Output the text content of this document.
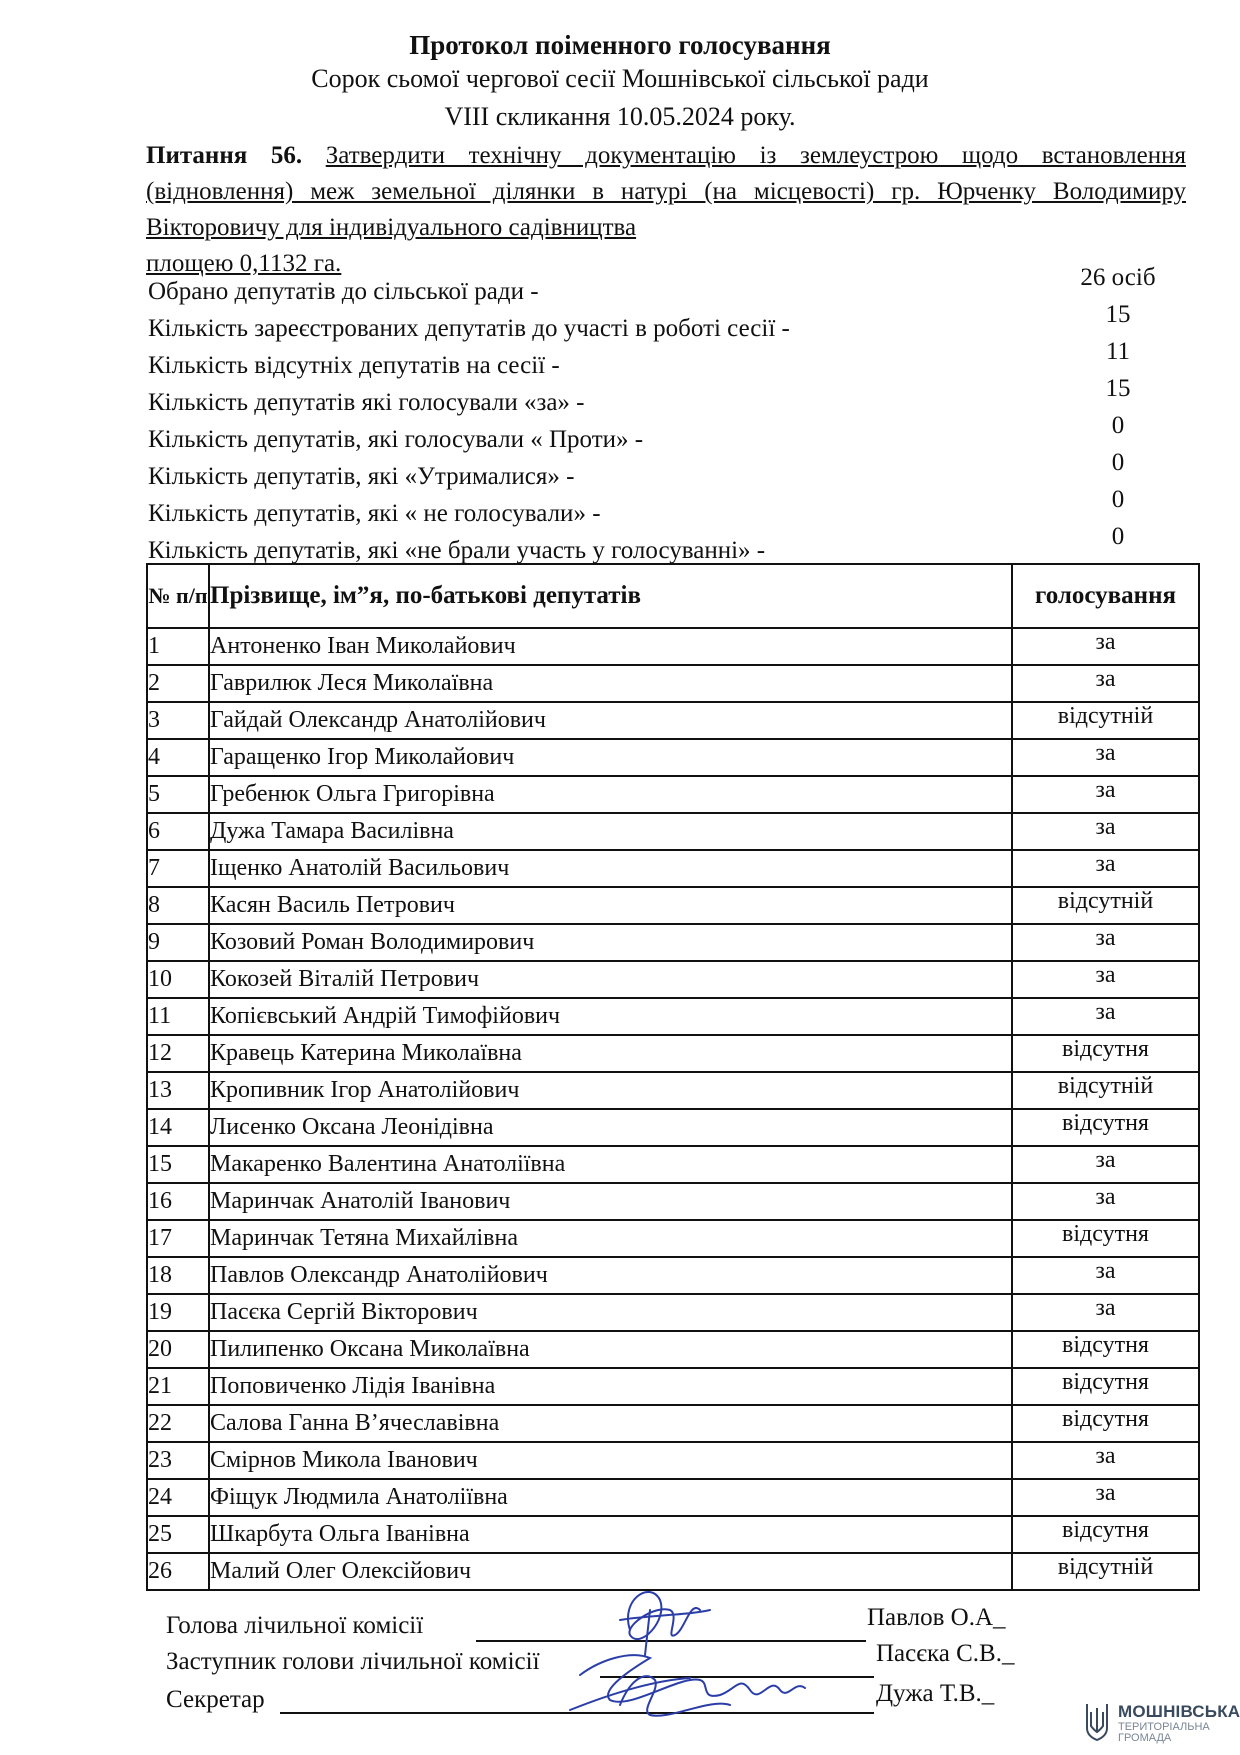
Протокол поіменного голосування
Сорок сьомої чергової сесії Мошнівської сільської ради
VIII скликання 10.05.2024 року.
Питання 56. Затвердити технічну документацію із землеустрою щодо встановлення (відновлення) меж земельної ділянки в натурі (на місцевості) гр. Юрченку Володимиру Вікторовичу для індивідуального садівництва
площею 0,1132 га.
Обрано депутатів до сільської ради -
26 осіб
Кількість зареєстрованих депутатів до участі в роботі сесії -
15
Кількість відсутніх депутатів на сесії -
11
Кількість депутатів які голосували «за» -
15
Кількість депутатів, які голосували « Проти» -
0
Кількість депутатів, які «Утрималися» -
0
Кількість депутатів, які « не голосували» -
0
Кількість депутатів, які «не брали участь у голосуванні» -
0
№ п/п	Прізвище, ім”я, по-батькові депутатів	голосування
1	Антоненко Іван Миколайович	за
2	Гаврилюк Леся Миколаївна	за
3	Гайдай Олександр Анатолійович	відсутній
4	Гаращенко Ігор Миколайович	за
5	Гребенюк Ольга Григорівна	за
6	Дужа Тамара Василівна	за
7	Іщенко Анатолій Васильович	за
8	Касян Василь Петрович	відсутній
9	Козовий Роман Володимирович	за
10	Кокозей Віталій Петрович	за
11	Копієвський Андрій Тимофійович	за
12	Кравець Катерина Миколаївна	відсутня
13	Кропивник Ігор Анатолійович	відсутній
14	Лисенко Оксана Леонідівна	відсутня
15	Макаренко Валентина Анатоліївна	за
16	Маринчак Анатолій Іванович	за
17	Маринчак Тетяна Михайлівна	відсутня
18	Павлов Олександр Анатолійович	за
19	Пасєка Сергій Вікторович	за
20	Пилипенко Оксана Миколаївна	відсутня
21	Поповиченко Лідія Іванівна	відсутня
22	Салова Ганна В’ячеславівна	відсутня
23	Смірнов Микола Іванович	за
24	Фіщук Людмила Анатоліївна	за
25	Шкарбута Ольга Іванівна	відсутня
26	Малий Олег Олексійович	відсутній
Голова лічильної комісії	Павлов О.А_
Заступник голови лічильної комісії	Пасєка С.В._
Секретар	Дужа Т.В._
МОШНІВСЬКА
ТЕРИТОРІАЛЬНА
ГРОМАДА
